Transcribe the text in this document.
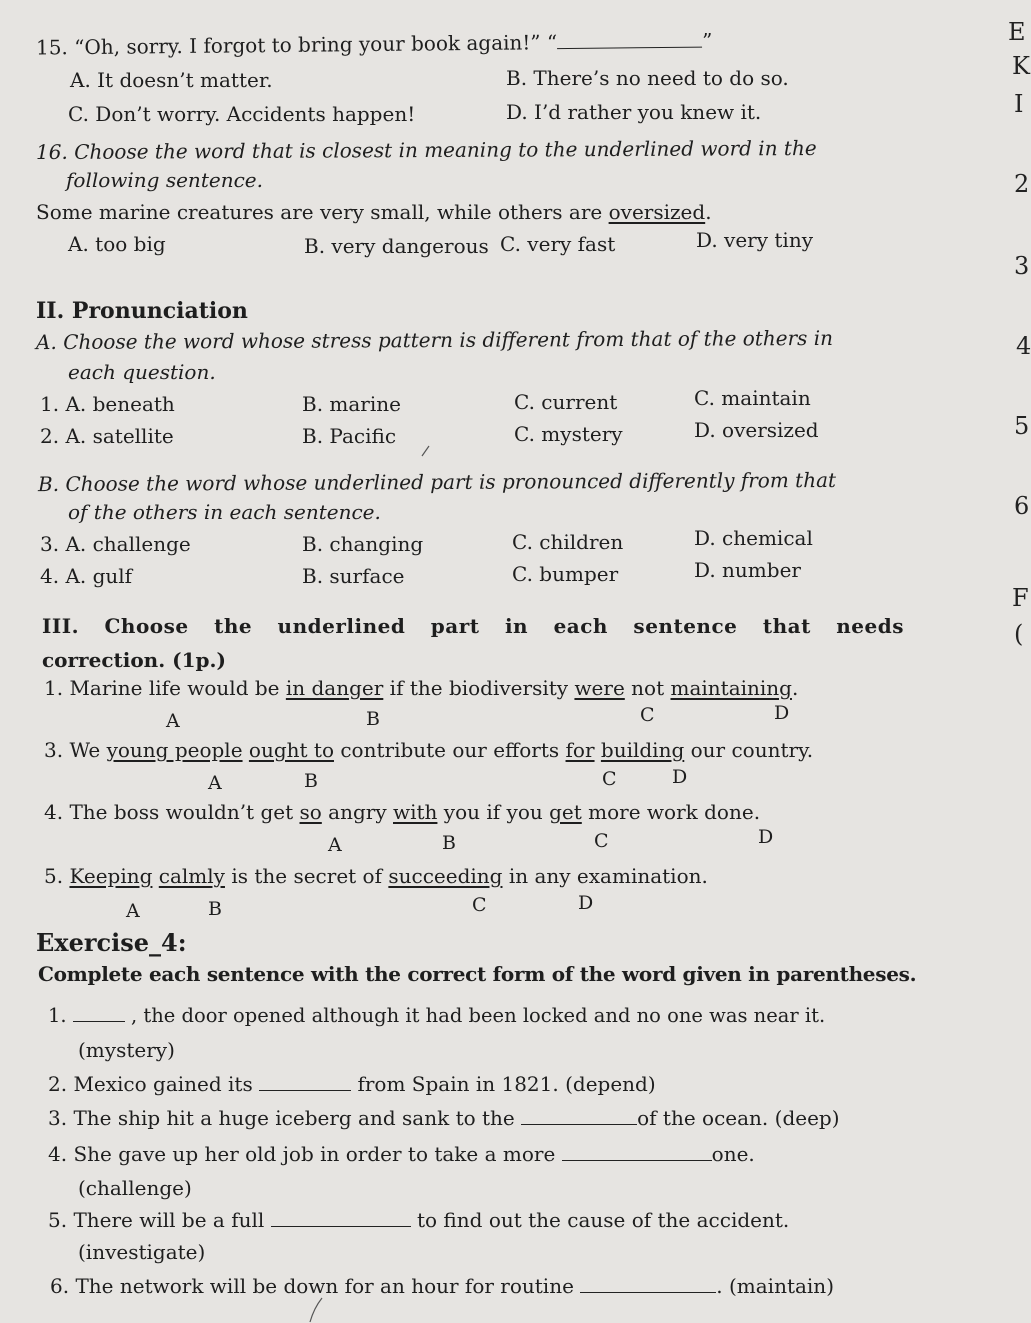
15. “Oh, sorry. I forgot to bring your book again!” “	”
A. It doesn’t matter.	B. There’s no need to do so.
C. Don’t worry. Accidents happen!	D. I’d rather you knew it.
16. Choose the word that is closest in meaning to the underlined word in the
following sentence.
Some marine creatures are very small, while others are oversized.
A. too big	B. very dangerous C. very fast	D. very tiny
II. Pronunciation
A. Choose the word whose stress pattern is different from that of the others in
each question.
1. A. beneath	B. marine	C. current	C. maintain
2. A. satellite	B. Pacific	C. mystery	D. oversized
B. Choose the word whose underlined part is pronounced differently from that
of the others in each sentence.
3. A. challenge	B. changing	C. children	D. chemical
4. A. gulf	B. surface	C. bumper	D. number
III. Choose the underlined part in each sentence that needs
correction. (1p.)
1. Marine life would be in danger if the biodiversity were not maintaining.
A	B	C	D
3. We young people ought to contribute our efforts for building our country.
A	B	C	D
4. The boss wouldn’t get so angry with you if you get more work done.
A	B	C	D
5. Keeping calmly is the secret of succeeding in any examination.
A	B	C	D
Exercise_4:
Complete each sentence with the correct form of the word given in parentheses.
1.	, the door opened although it had been locked and no one was near it.
(mystery)
2. Mexico gained its	from Spain in 1821. (depend)
3. The ship hit a huge iceberg and sank to the	of the ocean. (deep)
4. She gave up her old job in order to take a more	one.
(challenge)
5. There will be a full	to find out the cause of the accident.
(investigate)
6. The network will be down for an hour for routine	. (maintain)
E
K
I
2
3
4
5
6
F
(
